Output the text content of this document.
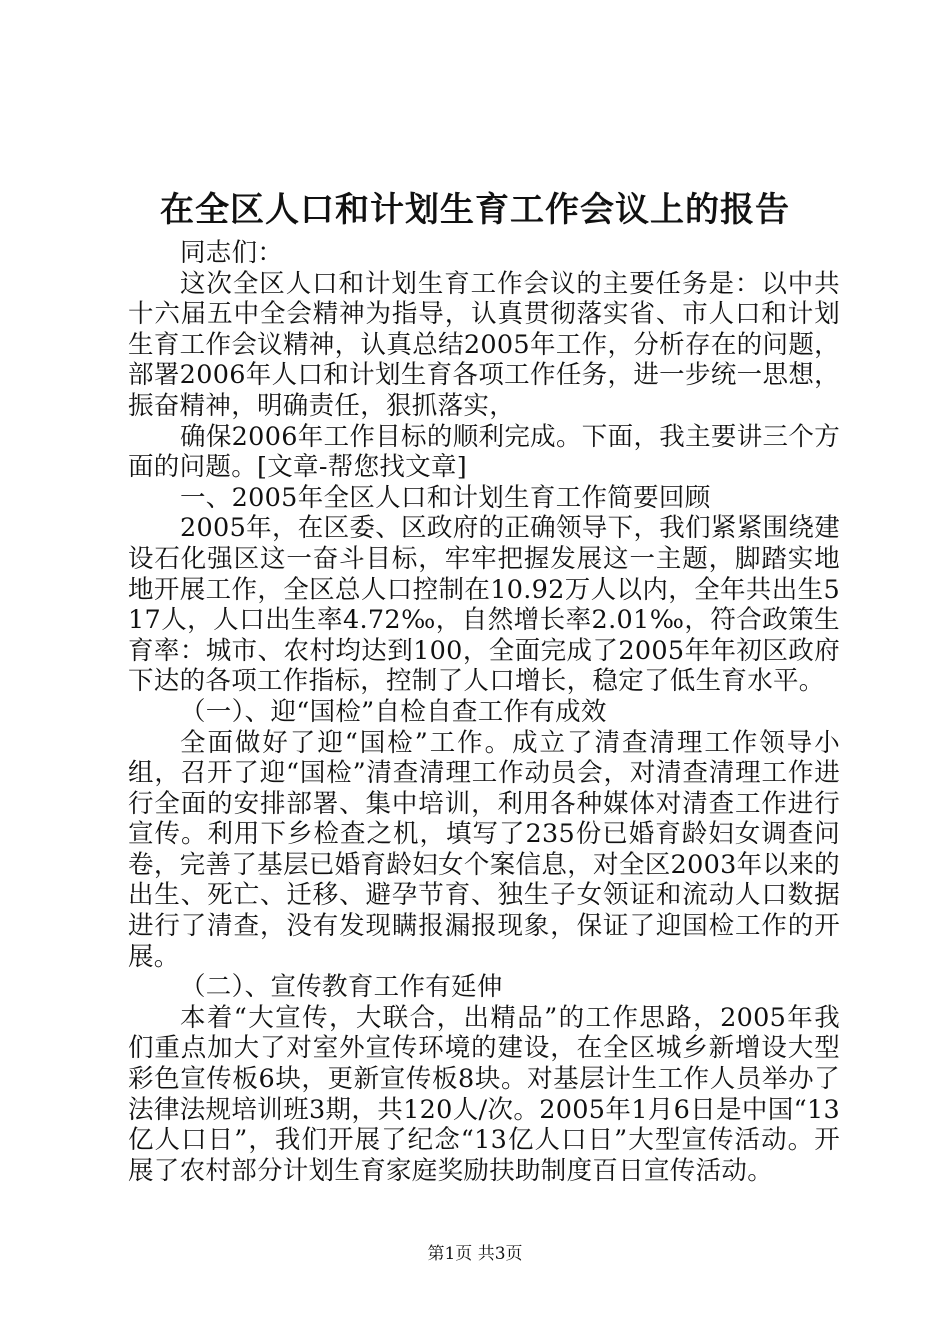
在全区人口和计划生育工作会议上的报告

同志们：

这次全区人口和计划生育工作会议的主要任务是：以中共十六届五中全会精神为指导，认真贯彻落实省、市人口和计划生育工作会议精神，认真总结2005年工作，分析存在的问题，部署2006年人口和计划生育各项工作任务，进一步统一思想，振奋精神，明确责任，狠抓落实，

确保2006年工作目标的顺利完成。下面，我主要讲三个方面的问题。[文章-帮您找文章]

一、2005年全区人口和计划生育工作简要回顾

2005年，在区委、区政府的正确领导下，我们紧紧围绕建设石化强区这一奋斗目标，牢牢把握发展这一主题，脚踏实地地开展工作，全区总人口控制在10.92万人以内，全年共出生517人，人口出生率4.72‰，自然增长率2.01‰，符合政策生育率：城市、农村均达到100，全面完成了2005年年初区政府下达的各项工作指标，控制了人口增长，稳定了低生育水平。

（一）、迎“国检”自检自查工作有成效

全面做好了迎“国检”工作。成立了清查清理工作领导小组，召开了迎“国检”清查清理工作动员会，对清查清理工作进行全面的安排部署、集中培训，利用各种媒体对清查工作进行宣传。利用下乡检查之机，填写了235份已婚育龄妇女调查问卷，完善了基层已婚育龄妇女个案信息，对全区2003年以来的出生、死亡、迁移、避孕节育、独生子女领证和流动人口数据进行了清查，没有发现瞒报漏报现象，保证了迎国检工作的开展。

（二）、宣传教育工作有延伸

本着“大宣传，大联合，出精品”的工作思路，2005年我们重点加大了对室外宣传环境的建设，在全区城乡新增设大型彩色宣传板6块，更新宣传板8块。对基层计生工作人员举办了法律法规培训班3期，共120人/次。2005年1月6日是中国“13亿人口日”，我们开展了纪念“13亿人口日”大型宣传活动。开展了农村部分计划生育家庭奖励扶助制度百日宣传活动。

第1页 共3页
